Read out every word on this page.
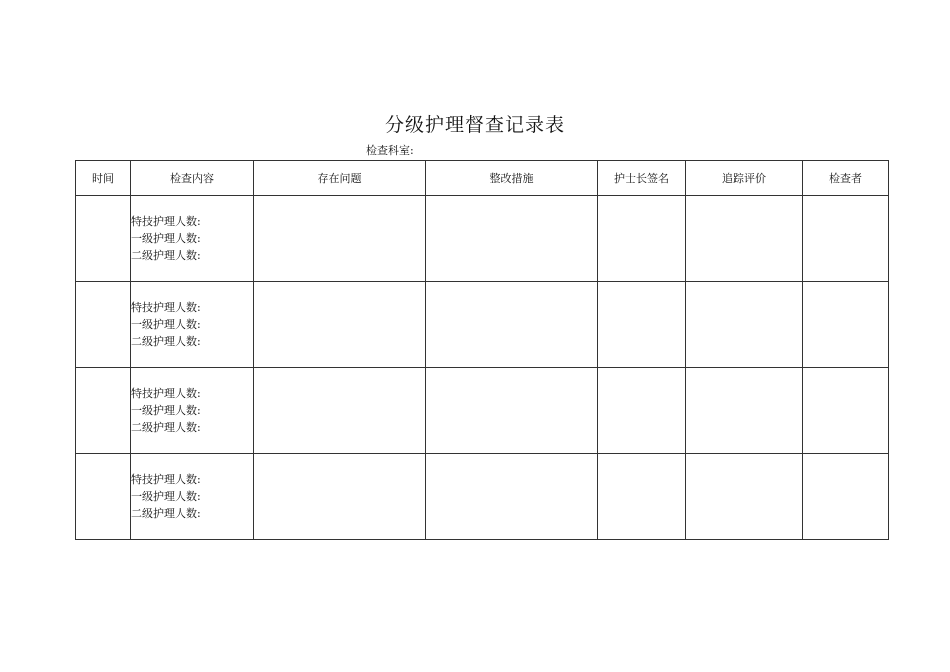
分级护理督查记录表
检查科室:
时间	检查内容	存在问题	整改措施	护士长签名	追踪评价	检查者

	特技护理人数:
一级护理人数:
二级护理人数:					

	特技护理人数:
一级护理人数:
二级护理人数:					

	特技护理人数:
一级护理人数:
二级护理人数:					

	特技护理人数:
一级护理人数:
二级护理人数:					
